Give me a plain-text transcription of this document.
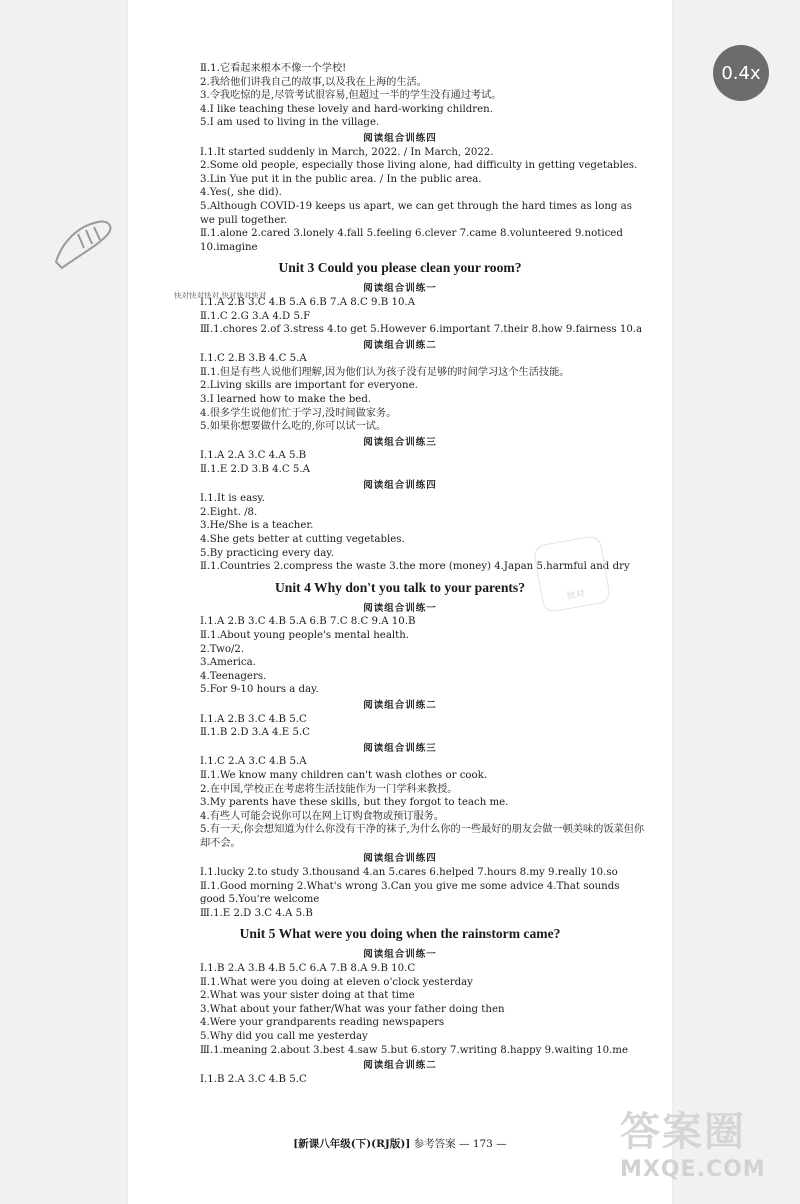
Ⅱ.1.它看起来根本不像一个学校!

2.我给他们讲我自己的故事,以及我在上海的生活。

3.令我吃惊的是,尽管考试很容易,但超过一半的学生没有通过考试。

4.I like teaching these lovely and hard-working children.

5.I am used to living in the village.

阅读组合训练四

Ⅰ.1.It started suddenly in March, 2022. / In March, 2022.

2.Some old people, especially those living alone, had difficulty in getting vegetables.

3.Lin Yue put it in the public area. / In the public area.

4.Yes(, she did).

5.Although COVID-19 keeps us apart, we can get through the hard times as long as we pull together.

Ⅱ.1.alone 2.cared 3.lonely 4.fall 5.feeling 6.clever 7.came 8.volunteered 9.noticed 10.imagine

Unit 3 Could you please clean your room?

阅读组合训练一

Ⅰ.1.A 2.B 3.C 4.B 5.A 6.B 7.A 8.C 9.B 10.A

Ⅱ.1.C 2.G 3.A 4.D 5.F

Ⅲ.1.chores 2.of 3.stress 4.to get 5.However 6.important 7.their 8.how 9.fairness 10.a

阅读组合训练二

Ⅰ.1.C 2.B 3.B 4.C 5.A

Ⅱ.1.但是有些人说他们理解,因为他们认为孩子没有足够的时间学习这个生活技能。

2.Living skills are important for everyone.

3.I learned how to make the bed.

4.很多学生说他们忙于学习,没时间做家务。

5.如果你想要做什么吃的,你可以试一试。

阅读组合训练三

Ⅰ.1.A 2.A 3.C 4.A 5.B

Ⅱ.1.E 2.D 3.B 4.C 5.A

阅读组合训练四

Ⅰ.1.It is easy.

2.Eight. /8.

3.He/She is a teacher.

4.She gets better at cutting vegetables.

5.By practicing every day.

Ⅱ.1.Countries 2.compress the waste 3.the more (money) 4.Japan 5.harmful and dry

Unit 4 Why don't you talk to your parents?

阅读组合训练一

Ⅰ.1.A 2.B 3.C 4.B 5.A 6.B 7.C 8.C 9.A 10.B

Ⅱ.1.About young people's mental health.

2.Two/2.

3.America.

4.Teenagers.

5.For 9-10 hours a day.

阅读组合训练二

Ⅰ.1.A 2.B 3.C 4.B 5.C

Ⅱ.1.B 2.D 3.A 4.E 5.C

阅读组合训练三

Ⅰ.1.C 2.A 3.C 4.B 5.A

Ⅱ.1.We know many children can't wash clothes or cook.

2.在中国,学校正在考虑将生活技能作为一门学科来教授。

3.My parents have these skills, but they forgot to teach me.

4.有些人可能会说你可以在网上订购食物或预订服务。

5.有一天,你会想知道为什么你没有干净的袜子,为什么你的一些最好的朋友会做一顿美味的饭菜但你却不会。

阅读组合训练四

Ⅰ.1.lucky 2.to study 3.thousand 4.an 5.cares 6.helped 7.hours 8.my 9.really 10.so

Ⅱ.1.Good morning 2.What's wrong 3.Can you give me some advice 4.That sounds good 5.You're welcome

Ⅲ.1.E 2.D 3.C 4.A 5.B

Unit 5 What were you doing when the rainstorm came?

阅读组合训练一

Ⅰ.1.B 2.A 3.B 4.B 5.C 6.A 7.B 8.A 9.B 10.C

Ⅱ.1.What were you doing at eleven o'clock yesterday

2.What was your sister doing at that time

3.What about your father/What was your father doing then

4.Were your grandparents reading newspapers

5.Why did you call me yesterday

Ⅲ.1.meaning 2.about 3.best 4.saw 5.but 6.story 7.writing 8.happy 9.waiting 10.me

阅读组合训练二

Ⅰ.1.B 2.A 3.C 4.B 5.C

快对快对快对 快对快对快对
快对
[新课八年级(下)(RJ版)] 参考答案 — 173 —
0.4x
答案圈
MXQE.COM
